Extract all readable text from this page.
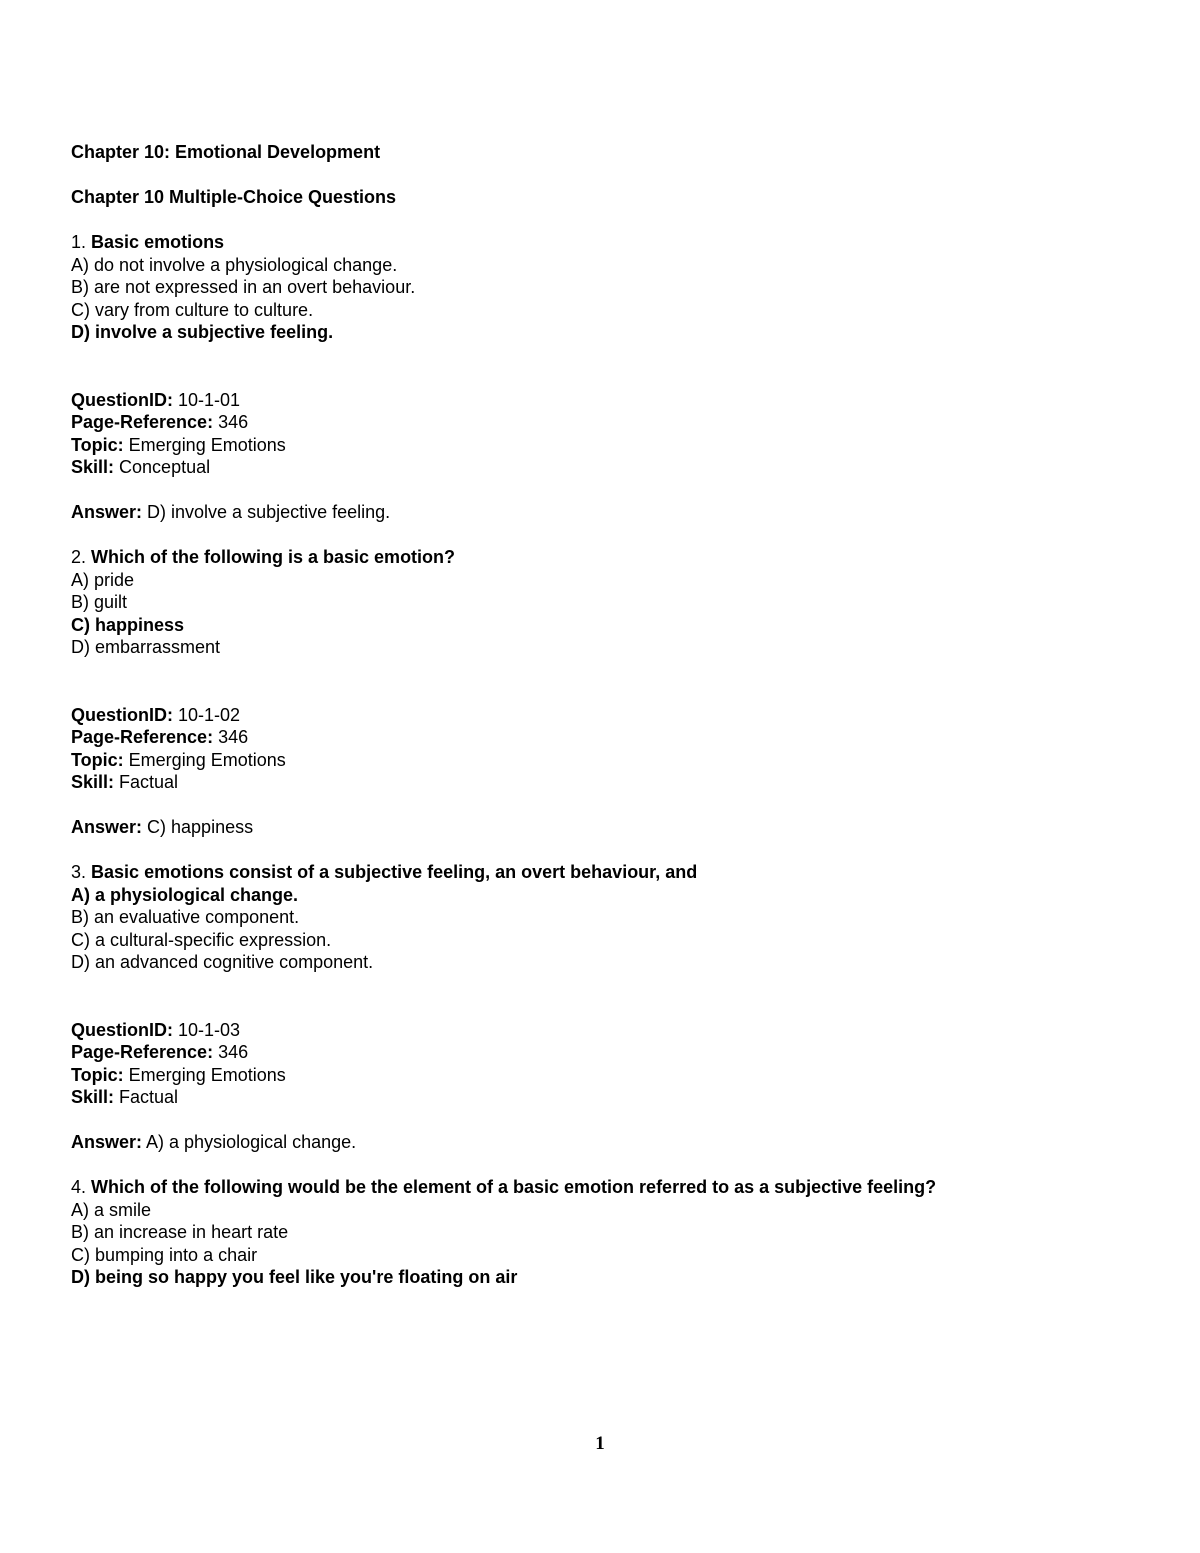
Chapter 10: Emotional Development
Chapter 10 Multiple-Choice Questions
1. Basic emotions
A) do not involve a physiological change.
B) are not expressed in an overt behaviour.
C) vary from culture to culture.
D) involve a subjective feeling.
QuestionID: 10-1-01
Page-Reference: 346
Topic: Emerging Emotions
Skill: Conceptual
Answer: D) involve a subjective feeling.
2. Which of the following is a basic emotion?
A) pride
B) guilt
C) happiness
D) embarrassment
QuestionID: 10-1-02
Page-Reference: 346
Topic: Emerging Emotions
Skill: Factual
Answer: C) happiness
3. Basic emotions consist of a subjective feeling, an overt behaviour, and
A) a physiological change.
B) an evaluative component.
C) a cultural-specific expression.
D) an advanced cognitive component.
QuestionID: 10-1-03
Page-Reference: 346
Topic: Emerging Emotions
Skill: Factual
Answer: A) a physiological change.
4. Which of the following would be the element of a basic emotion referred to as a subjective feeling?
A) a smile
B) an increase in heart rate
C) bumping into a chair
D) being so happy you feel like you're floating on air
1
